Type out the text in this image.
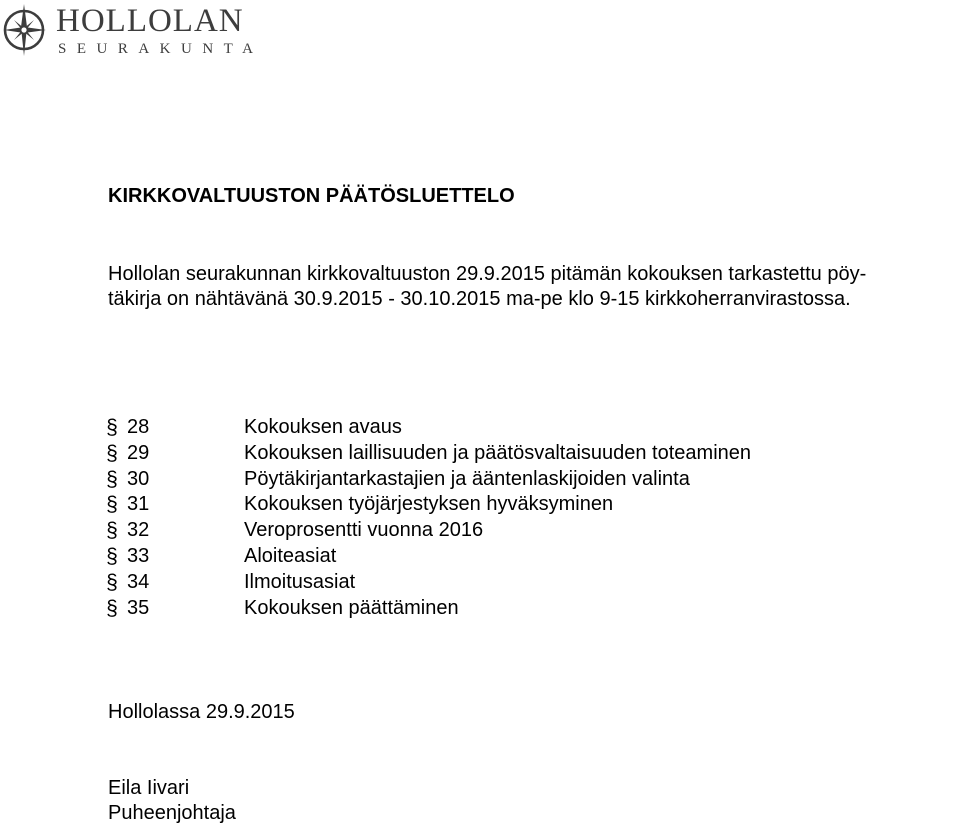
HOLLOLAN
SEURAKUNTA
KIRKKOVALTUUSTON PÄÄTÖSLUETTELO

Hollolan seurakunnan kirkkovaltuuston 29.9.2015 pitämän kokouksen tarkastettu pöy-
täkirja on nähtävänä 30.9.2015 - 30.10.2015 ma-pe klo 9-15 kirkkoherranvirastossa.

§ 28	Kokouksen avaus
§ 29	Kokouksen laillisuuden ja päätösvaltaisuuden toteaminen
§ 30	Pöytäkirjantarkastajien ja ääntenlaskijoiden valinta
§ 31	Kokouksen työjärjestyksen hyväksyminen
§ 32	Veroprosentti vuonna 2016
§ 33	Aloiteasiat
§ 34	Ilmoitusasiat
§ 35	Kokouksen päättäminen
Hollolassa 29.9.2015
Eila Iivari
Puheenjohtaja
